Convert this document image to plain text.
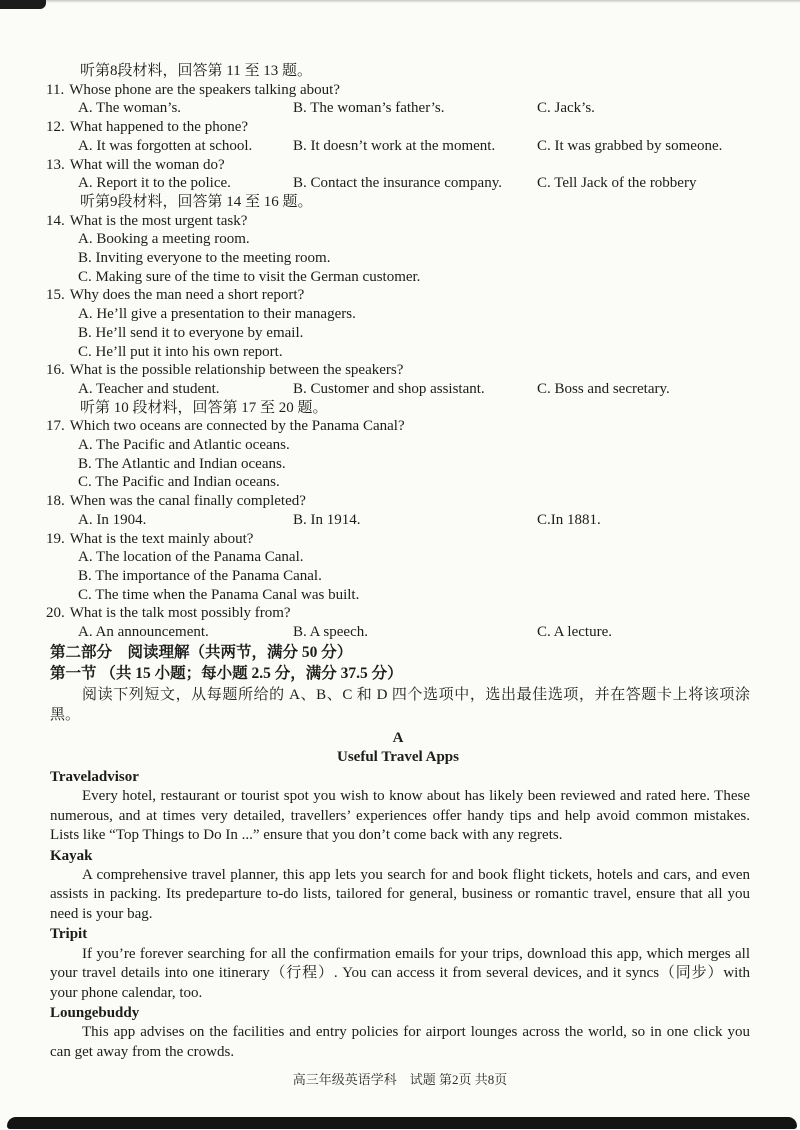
听第8段材料，回答第 11 至 13 题。
11. Whose phone are the speakers talking about?
A. The woman’s.	B. The woman’s father’s.	C. Jack’s.
12. What happened to the phone?
A. It was forgotten at school.	B. It doesn’t work at the moment.	C. It was grabbed by someone.
13. What will the woman do?
A. Report it to the police.	B. Contact the insurance company.	C. Tell Jack of the robbery
听第9段材料，回答第 14 至 16 题。
14. What is the most urgent task?
A. Booking a meeting room.
B. Inviting everyone to the meeting room.
C. Making sure of the time to visit the German customer.
15. Why does the man need a short report?
A. He’ll give a presentation to their managers.
B. He’ll send it to everyone by email.
C. He’ll put it into his own report.
16. What is the possible relationship between the speakers?
A. Teacher and student.	B. Customer and shop assistant.	C. Boss and secretary.
听第 10 段材料，回答第 17 至 20 题。
17. Which two oceans are connected by the Panama Canal?
A. The Pacific and Atlantic oceans.
B. The Atlantic and Indian oceans.
C. The Pacific and Indian oceans.
18. When was the canal finally completed?
A. In 1904.	B. In 1914.	C.In 1881.
19. What is the text mainly about?
A. The location of the Panama Canal.
B. The importance of the Panama Canal.
C. The time when the Panama Canal was built.
20. What is the talk most possibly from?
A. An announcement.	B. A speech.	C. A lecture.
第二部分　阅读理解（共两节，满分 50 分）
第一节 （共 15 小题；每小题 2.5 分，满分 37.5 分）

阅读下列短文，从每题所给的 A、B、C 和 D 四个选项中，选出最佳选项，并在答题卡上将该项涂黑。

A
Useful Travel Apps
Traveladvisor

Every hotel, restaurant or tourist spot you wish to know about has likely been reviewed and rated here. These numerous, and at times very detailed, travellers’ experiences offer handy tips and help avoid common mistakes. Lists like “Top Things to Do In ...” ensure that you don’t come back with any regrets.

Kayak

A comprehensive travel planner, this app lets you search for and book flight tickets, hotels and cars, and even assists in packing. Its predeparture to-do lists, tailored for general, business or romantic travel, ensure that all you need is your bag.

Tripit

If you’re forever searching for all the confirmation emails for your trips, download this app, which merges all your travel details into one itinerary（行程）. You can access it from several devices, and it syncs（同步）with your phone calendar, too.

Loungebuddy

This app advises on the facilities and entry policies for airport lounges across the world, so in one click you can get away from the crowds.

高三年级英语学科　试题 第2页 共8页
